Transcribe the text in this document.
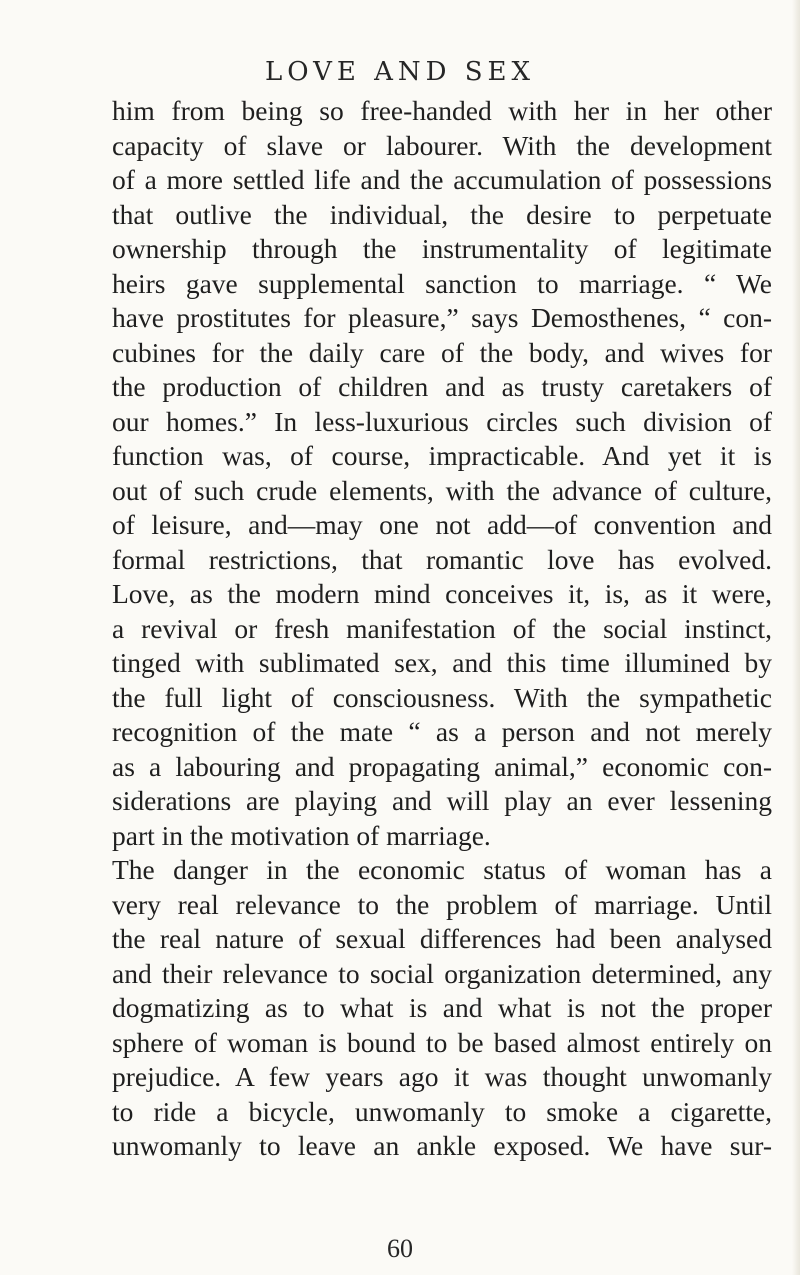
LOVE AND SEX
him from being so free-handed with her in her other
capacity of slave or labourer. With the development
of a more settled life and the accumulation of possessions
that outlive the individual, the desire to perpetuate
ownership through the instrumentality of legitimate
heirs gave supplemental sanction to marriage. “ We
have prostitutes for pleasure,” says Demosthenes, “ con-
cubines for the daily care of the body, and wives for
the production of children and as trusty caretakers of
our homes.” In less-luxurious circles such division of
function was, of course, impracticable. And yet it is
out of such crude elements, with the advance of culture,
of leisure, and—may one not add—of convention and
formal restrictions, that romantic love has evolved.
Love, as the modern mind conceives it, is, as it were,
a revival or fresh manifestation of the social instinct,
tinged with sublimated sex, and this time illumined by
the full light of consciousness. With the sympathetic
recognition of the mate “ as a person and not merely
as a labouring and propagating animal,” economic con-
siderations are playing and will play an ever lessening
part in the motivation of marriage.
The danger in the economic status of woman has a
very real relevance to the problem of marriage. Until
the real nature of sexual differences had been analysed
and their relevance to social organization determined, any
dogmatizing as to what is and what is not the proper
sphere of woman is bound to be based almost entirely on
prejudice. A few years ago it was thought unwomanly
to ride a bicycle, unwomanly to smoke a cigarette,
unwomanly to leave an ankle exposed. We have sur-
60
